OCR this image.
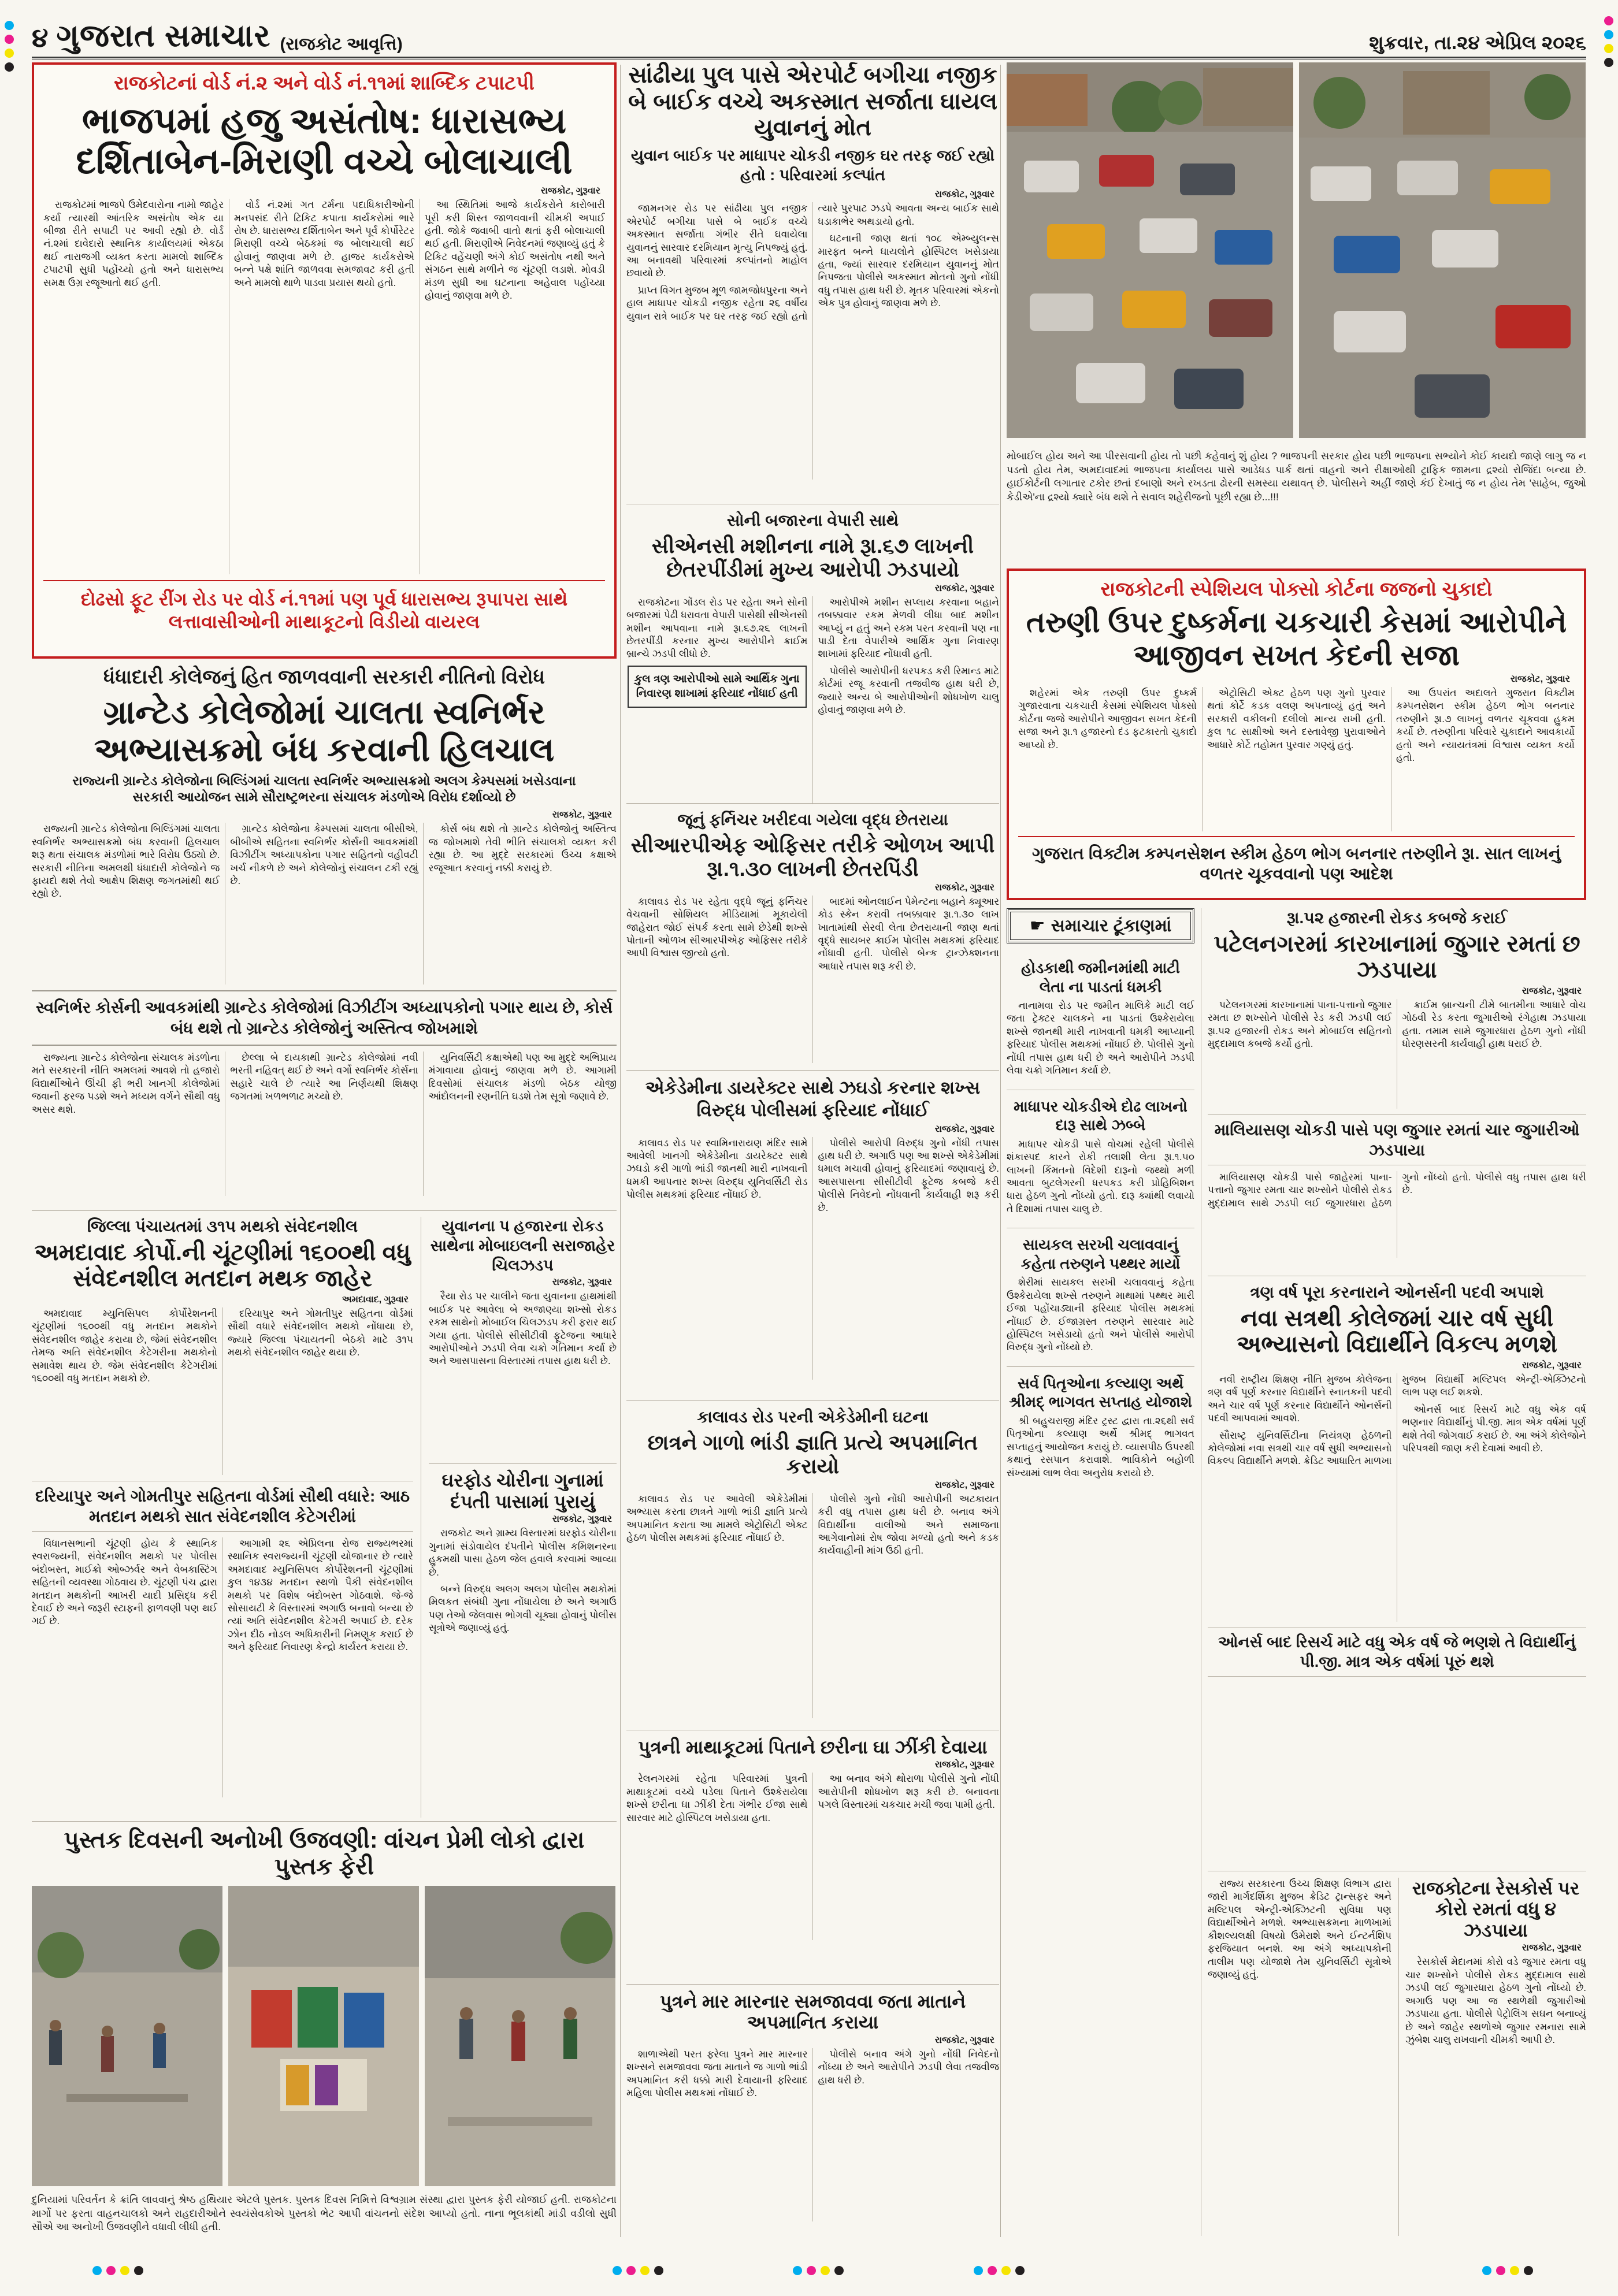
૪ ગુજરાત સમાચાર (રાજકોટ આવૃત્તિ)	શુક્રવાર, તા.૨૪ એપ્રિલ ૨૦૨૬
રાજકોટનાં વોર્ડ નં.૨ અને વોર્ડ નં.૧૧માં શાબ્દિક ટપાટપી
ભાજપમાં હજુ અસંતોષ: ધારાસભ્ય દર્શિતાબેન-મિરાણી વચ્ચે બોલાચાલી
રાજકોટ, ગુરૂવાર

રાજકોટમાં ભાજપે ઉમેદવારોના નામો જાહેર કર્યા ત્યારથી આંતરિક અસંતોષ એક યા બીજા રીતે સપાટી પર આવી રહ્યો છે. વોર્ડ નં.૨માં દાવેદારો સ્થાનિક કાર્યાલયમાં એકઠા થઈ નારાજગી વ્યક્ત કરતા મામલો શાબ્દિક ટપાટપી સુધી પહોંચ્યો હતો અને ધારાસભ્ય સમક્ષ ઉગ્ર રજૂઆતો થઈ હતી.

વોર્ડ નં.૨માં ગત ટર્મના પદાધિકારીઓની મનપસંદ રીતે ટિકિટ કપાતા કાર્યકરોમાં ભારે રોષ છે. ધારાસભ્ય દર્શિતાબેન અને પૂર્વ કોર્પોરેટર મિરાણી વચ્ચે બેઠકમાં જ બોલાચાલી થઈ હોવાનું જાણવા મળે છે. હાજર કાર્યકરોએ બન્ને પક્ષે શાંતિ જાળવવા સમજાવટ કરી હતી અને મામલો થાળે પાડવા પ્રયાસ થયો હતો.

આ સ્થિતિમાં આજે કાર્યકરોને કારોબારી પૂરી કરી શિસ્ત જાળવવાની ચીમકી અપાઈ હતી. જોકે જવાબી વાતો થતાં ફરી બોલાચાલી થઈ હતી. મિરાણીએ નિવેદનમાં જણાવ્યું હતું કે ટિકિટ વહેંચણી અંગે કોઈ અસંતોષ નથી અને સંગઠન સાથે મળીને જ ચૂંટણી લડાશે. મોવડી મંડળ સુધી આ ઘટનાના અહેવાલ પહોંચ્યા હોવાનું જાણવા મળે છે.

દોઢસો ફૂટ રીંગ રોડ પર વોર્ડ નં.૧૧માં પણ પૂર્વ ધારાસભ્ય રૂપાપરા સાથે લત્તાવાસીઓની માથાકૂટનો વિડીયો વાયરલ
ધંધાદારી કોલેજનું હિત જાળવવાની સરકારી નીતિનો વિરોધ
ગ્રાન્ટેડ કોલેજોમાં ચાલતા સ્વનિર્ભર અભ્યાસક્રમો બંધ કરવાની હિલચાલ
રાજ્યની ગ્રાન્ટેડ કોલેજોના બિલ્ડિંગમાં ચાલતા સ્વનિર્ભર અભ્યાસક્રમો અલગ કેમ્પસમાં ખસેડવાના સરકારી આયોજન સામે સૌરાષ્ટ્રભરના સંચાલક મંડળોએ વિરોધ દર્શાવ્યો છે
રાજકોટ, ગુરૂવાર

રાજ્યની ગ્રાન્ટેડ કોલેજોના બિલ્ડિંગમાં ચાલતા સ્વનિર્ભર અભ્યાસક્રમો બંધ કરવાની હિલચાલ શરૂ થતા સંચાલક મંડળોમાં ભારે વિરોધ ઉઠ્યો છે. સરકારી નીતિના અમલથી ધંધાદારી કોલેજોને જ ફાયદો થશે તેવો આક્ષેપ શિક્ષણ જગતમાંથી થઈ રહ્યો છે.

ગ્રાન્ટેડ કોલેજોના કેમ્પસમાં ચાલતા બીસીએ, બીબીએ સહિતના સ્વનિર્ભર કોર્સની આવકમાંથી વિઝીટીંગ અધ્યાપકોના પગાર સહિતનો વહીવટી ખર્ચ નીકળે છે અને કોલેજોનું સંચાલન ટકી રહ્યું છે.

કોર્સ બંધ થશે તો ગ્રાન્ટેડ કોલેજોનું અસ્તિત્વ જ જોખમાશે તેવી ભીતિ સંચાલકો વ્યક્ત કરી રહ્યા છે. આ મુદ્દે સરકારમાં ઉચ્ચ કક્ષાએ રજૂઆત કરવાનું નક્કી કરાયું છે.

સ્વનિર્ભર કોર્સની આવકમાંથી ગ્રાન્ટેડ કોલેજોમાં વિઝીટીંગ અધ્યાપકોનો પગાર થાય છે, કોર્સ બંધ થશે તો ગ્રાન્ટેડ કોલેજોનું અસ્તિત્વ જોખમાશે

રાજ્યના ગ્રાન્ટેડ કોલેજોના સંચાલક મંડળોના મતે સરકારની નીતિ અમલમાં આવશે તો હજારો વિદ્યાર્થીઓને ઊંચી ફી ભરી ખાનગી કોલેજોમાં જવાની ફરજ પડશે અને મધ્યમ વર્ગને સૌથી વધુ અસર થશે.

છેલ્લા બે દાયકાથી ગ્રાન્ટેડ કોલેજોમાં નવી ભરતી નહિવત્ થઈ છે અને વર્ગો સ્વનિર્ભર કોર્સના સહારે ચાલે છે ત્યારે આ નિર્ણયથી શિક્ષણ જગતમાં ખળભળાટ મચ્યો છે.

યુનિવર્સિટી કક્ષાએથી પણ આ મુદ્દે અભિપ્રાય મંગાવાયા હોવાનું જાણવા મળે છે. આગામી દિવસોમાં સંચાલક મંડળો બેઠક યોજી આંદોલનની રણનીતિ ઘડશે તેમ સૂત્રો જણાવે છે.

જિલ્લા પંચાયતમાં ૩૧૫ મથકો સંવેદનશીલ
અમદાવાદ કોર્પો.ની ચૂંટણીમાં ૧૬૦૦થી વધુ સંવેદનશીલ મતદાન મથક જાહેર
અમદાવાદ, ગુરૂવાર

અમદાવાદ મ્યુનિસિપલ કોર્પોરેશનની ચૂંટણીમાં ૧૬૦૦થી વધુ મતદાન મથકોને સંવેદનશીલ જાહેર કરાયા છે, જેમાં સંવેદનશીલ તેમજ અતિ સંવેદનશીલ કેટેગરીના મથકોનો સમાવેશ થાય છે. જેમ સંવેદનશીલ કેટેગરીમાં ૧૬૦૦થી વધુ મતદાન મથકો છે.

દરિયાપુર અને ગોમતીપુર સહિતના વોર્ડમાં સૌથી વધારે સંવેદનશીલ મથકો નોંધાયા છે, જ્યારે જિલ્લા પંચાયતની બેઠકો માટે ૩૧૫ મથકો સંવેદનશીલ જાહેર થયા છે.

દરિયાપુર અને ગોમતીપુર સહિતના વોર્ડમાં સૌથી વધારે: આઠ મતદાન મથકો સાત સંવેદનશીલ કેટેગરીમાં

વિધાનસભાની ચૂંટણી હોય કે સ્થાનિક સ્વરાજ્યની, સંવેદનશીલ મથકો પર પોલીસ બંદોબસ્ત, માઈક્રો ઓબ્ઝર્વર અને વેબકાસ્ટિંગ સહિતની વ્યવસ્થા ગોઠવાય છે. ચૂંટણી પંચ દ્વારા મતદાન મથકોની આખરી યાદી પ્રસિદ્ધ કરી દેવાઈ છે અને જરૂરી સ્ટાફની ફાળવણી પણ થઈ ગઈ છે.

આગામી ૨૬ એપ્રિલના રોજ રાજ્યભરમાં સ્થાનિક સ્વરાજ્યની ચૂંટણી યોજાનાર છે ત્યારે અમદાવાદ મ્યુનિસિપલ કોર્પોરેશનની ચૂંટણીમાં કુલ ૧૪૩૪ મતદાન સ્થળો પૈકી સંવેદનશીલ મથકો પર વિશેષ બંદોબસ્ત ગોઠવાશે. જે-જે સોસાયટી કે વિસ્તારમાં અગાઉ બનાવો બન્યા છે ત્યાં અતિ સંવેદનશીલ કેટેગરી અપાઈ છે. દરેક ઝોન દીઠ નોડલ અધિકારીની નિમણૂક કરાઈ છે અને ફરિયાદ નિવારણ કેન્દ્રો કાર્યરત કરાયા છે.

યુવાનના પ હજારના રોકડ સાથેના મોબાઇલની સરાજાહેર ચિલઝડપ
રાજકોટ, ગુરૂવાર

રૈયા રોડ પર ચાલીને જતા યુવાનના હાથમાંથી બાઈક પર આવેલા બે અજાણ્યા શખ્સો રોકડ રકમ સાથેનો મોબાઈલ ચિલઝડપ કરી ફરાર થઈ ગયા હતા. પોલીસે સીસીટીવી ફૂટેજના આધારે આરોપીઓને ઝડપી લેવા ચક્રો ગતિમાન કર્યા છે અને આસપાસના વિસ્તારમાં તપાસ હાથ ધરી છે.

ઘરફોડ ચોરીના ગુનામાં દંપતી પાસામાં પુરાયું
રાજકોટ, ગુરૂવાર

રાજકોટ અને ગ્રામ્ય વિસ્તારમાં ઘરફોડ ચોરીના ગુનામાં સંડોવાયેલ દંપતીને પોલીસ કમિશનરના હુકમથી પાસા હેઠળ જેલ હવાલે કરવામાં આવ્યા છે.

બન્ને વિરુદ્ધ અલગ અલગ પોલીસ મથકોમાં મિલકત સંબંધી ગુના નોંધાયેલા છે અને અગાઉ પણ તેઓ જેલવાસ ભોગવી ચૂક્યા હોવાનું પોલીસ સૂત્રોએ જણાવ્યું હતું.

પુસ્તક દિવસની અનોખી ઉજવણી: વાંચન પ્રેમી લોકો દ્વારા પુસ્તક ફેરી
દુનિયામાં પરિવર્તન કે ક્રાંતિ લાવવાનું શ્રેષ્ઠ હથિયાર એટલે પુસ્તક. પુસ્તક દિવસ નિમિત્તે વિશ્વગ્રામ સંસ્થા દ્વારા પુસ્તક ફેરી યોજાઈ હતી. રાજકોટના માર્ગો પર ફરતા વાહનચાલકો અને રાહદારીઓને સ્વયંસેવકોએ પુસ્તકો ભેટ આપી વાંચનનો સંદેશ આપ્યો હતો. નાના ભૂલકાંથી માંડી વડીલો સુધી સૌએ આ અનોખી ઉજવણીને વધાવી લીધી હતી.
સાંઢીયા પુલ પાસે એરપોર્ટ બગીચા નજીક બે બાઈક વચ્ચે અકસ્માત સર્જાતા ઘાયલ યુવાનનું મોત
યુવાન બાઈક પર માધાપર ચોકડી નજીક ઘર તરફ જઈ રહ્યો હતો : પરિવારમાં કલ્પાંત
રાજકોટ, ગુરૂવાર

જામનગર રોડ પર સાંઢીયા પુલ નજીક એરપોર્ટ બગીચા પાસે બે બાઈક વચ્ચે અકસ્માત સર્જાતા ગંભીર રીતે ઘવાયેલા યુવાનનું સારવાર દરમિયાન મૃત્યુ નિપજ્યું હતું. આ બનાવથી પરિવારમાં કલ્પાંતનો માહોલ છવાયો છે.

પ્રાપ્ત વિગત મુજબ મૂળ જામજોધપુરના અને હાલ માધાપર ચોકડી નજીક રહેતા ૨૬ વર્ષીય યુવાન રાત્રે બાઈક પર ઘર તરફ જઈ રહ્યો હતો ત્યારે પુરપાટ ઝડપે આવતા અન્ય બાઈક સાથે ધડાકાભેર અથડાયો હતો.

ઘટનાની જાણ થતાં ૧૦૮ એમ્બ્યુલન્સ મારફત બન્ને ઘાયલોને હોસ્પિટલ ખસેડાયા હતા, જ્યાં સારવાર દરમિયાન યુવાનનું મોત નિપજતા પોલીસે અકસ્માત મોતનો ગુનો નોંધી વધુ તપાસ હાથ ધરી છે. મૃતક પરિવારમાં એકનો એક પુત્ર હોવાનું જાણવા મળે છે.

સોની બજારના વેપારી સાથે
સીએનસી મશીનના નામે રૂ।.૬૭ લાખની છેતરપીંડીમાં મુખ્ય આરોપી ઝડપાયો
રાજકોટ, ગુરૂવાર

રાજકોટના ગોંડલ રોડ પર રહેતા અને સોની બજારમાં પેઢી ધરાવતા વેપારી પાસેથી સીએનસી મશીન આપવાના નામે રૂા.૬૭.૨૬ લાખની છેતરપીંડી કરનાર મુખ્ય આરોપીને ક્રાઈમ બ્રાન્ચે ઝડપી લીધો છે.

કુલ ત્રણ આરોપીઓ સામે આર્થિક ગુના નિવારણ શાખામાં ફરિયાદ નોંધાઈ હતી

આરોપીએ મશીન સપ્લાય કરવાના બહાને તબક્કાવાર રકમ મેળવી લીધા બાદ મશીન આપ્યું ન હતું અને રકમ પરત કરવાની પણ ના પાડી દેતા વેપારીએ આર્થિક ગુના નિવારણ શાખામાં ફરિયાદ નોંધાવી હતી.

પોલીસે આરોપીની ધરપકડ કરી રિમાન્ડ માટે કોર્ટમાં રજૂ કરવાની તજવીજ હાથ ધરી છે, જ્યારે અન્ય બે આરોપીઓની શોધખોળ ચાલુ હોવાનું જાણવા મળે છે.

જૂનું ફર્નિચર ખરીદવા ગયેલા વૃદ્ધ છેતરાયા
સીઆરપીએફ ઓફિસર તરીકે ઓળખ આપી રૂ।.૧.૩૦ લાખની છેતરપિંડી
રાજકોટ, ગુરૂવાર

કાલાવડ રોડ પર રહેતા વૃદ્ધે જૂનું ફર્નિચર વેચવાની સોશિયલ મીડિયામાં મૂકાયેલી જાહેરાત જોઈ સંપર્ક કરતા સામે છેડેથી શખ્સે પોતાની ઓળખ સીઆરપીએફ ઓફિસર તરીકે આપી વિશ્વાસ જીત્યો હતો.

બાદમાં ઓનલાઈન પેમેન્ટના બહાને ક્યૂઆર કોડ સ્કેન કરાવી તબક્કાવાર રૂા.૧.૩૦ લાખ ખાતામાંથી સેરવી લેતા છેતરાયાની જાણ થતાં વૃદ્ધે સાયબર ક્રાઈમ પોલીસ મથકમાં ફરિયાદ નોંધાવી હતી. પોલીસે બેન્ક ટ્રાન્ઝેક્શનના આધારે તપાસ શરૂ કરી છે.

એકેડેમીના ડાયરેક્ટર સાથે ઝઘડો કરનાર શખ્સ વિરુદ્ધ પોલીસમાં ફરિયાદ નોંધાઈ
રાજકોટ, ગુરૂવાર

કાલાવડ રોડ પર સ્વામિનારાયણ મંદિર સામે આવેલી ખાનગી એકેડેમીના ડાયરેક્ટર સાથે ઝઘડો કરી ગાળો ભાંડી જાનથી મારી નાખવાની ધમકી આપનાર શખ્સ વિરુદ્ધ યુનિવર્સિટી રોડ પોલીસ મથકમાં ફરિયાદ નોંધાઈ છે.

પોલીસે આરોપી વિરુદ્ધ ગુનો નોંધી તપાસ હાથ ધરી છે. અગાઉ પણ આ શખ્સે એકેડેમીમાં ધમાલ મચાવી હોવાનું ફરિયાદમાં જણાવાયું છે. આસપાસના સીસીટીવી ફૂટેજ કબજે કરી પોલીસે નિવેદનો નોંધવાની કાર્યવાહી શરૂ કરી છે.

કાલાવડ રોડ પરની એકેડેમીની ઘટના
છાત્રને ગાળો ભાંડી જ્ઞાતિ પ્રત્યે અપમાનિત કરાયો
રાજકોટ, ગુરૂવાર

કાલાવડ રોડ પર આવેલી એકેડેમીમાં અભ્યાસ કરતા છાત્રને ગાળો ભાંડી જ્ઞાતિ પ્રત્યે અપમાનિત કરાતા આ મામલે એટ્રોસિટી એક્ટ હેઠળ પોલીસ મથકમાં ફરિયાદ નોંધાઈ છે.

પોલીસે ગુનો નોંધી આરોપીની અટકાયત કરી વધુ તપાસ હાથ ધરી છે. બનાવ અંગે વિદ્યાર્થીના વાલીઓ અને સમાજના આગેવાનોમાં રોષ જોવા મળ્યો હતો અને કડક કાર્યવાહીની માંગ ઉઠી હતી.

પુત્રની માથાકૂટમાં પિતાને છરીના ઘા ઝીંકી દેવાયા
રાજકોટ, ગુરૂવાર

રેલનગરમાં રહેતા પરિવારમાં પુત્રની માથાકૂટમાં વચ્ચે પડેલા પિતાને ઉશ્કેરાયેલા શખ્સે છરીના ઘા ઝીંકી દેતા ગંભીર ઈજા સાથે સારવાર માટે હોસ્પિટલ ખસેડાયા હતા.

આ બનાવ અંગે થોરાળા પોલીસે ગુનો નોંધી આરોપીની શોધખોળ શરૂ કરી છે. બનાવના પગલે વિસ્તારમાં ચકચાર મચી જવા પામી હતી.

પુત્રને માર મારનાર સમજાવવા જતા માતાને અપમાનિત કરાયા
રાજકોટ, ગુરૂવાર

શાળાએથી પરત ફરેલા પુત્રને માર મારનાર શખ્સને સમજાવવા જતા માતાને જ ગાળો ભાંડી અપમાનિત કરી ધક્કો મારી દેવાયાની ફરિયાદ મહિલા પોલીસ મથકમાં નોંધાઈ છે.

પોલીસે બનાવ અંગે ગુનો નોંધી નિવેદનો નોંધ્યા છે અને આરોપીને ઝડપી લેવા તજવીજ હાથ ધરી છે.

મોબાઈલ હોય અને આ પીરસવાની હોય તો પછી કહેવાનું શું હોય ? ભાજપની સરકાર હોય પછી ભાજપના સભ્યોને કોઈ કાયદો જાણે લાગુ જ ન પડતો હોય તેમ, અમદાવાદમાં ભાજપના કાર્યાલય પાસે આડેધડ પાર્ક થતાં વાહનો અને રીક્ષાઓથી ટ્રાફિક જામના દ્રશ્યો રોજિંદા બન્યા છે. હાઈકોર્ટની લગાતાર ટકોર છતાં દબાણો અને રખડતા ઢોરની સમસ્યા યથાવત્ છે. પોલીસને અહીં જાણે કંઈ દેખાતું જ ન હોય તેમ 'સાહેબ, જુઓ કેડીએ'ના દ્રશ્યો ક્યારે બંધ થશે તે સવાલ શહેરીજનો પૂછી રહ્યા છે...!!!
રાજકોટની સ્પેશિયલ પોક્સો કોર્ટના જજનો ચુકાદો
તરુણી ઉપર દુષ્કર્મના ચકચારી કેસમાં આરોપીને આજીવન સખત કેદની સજા
રાજકોટ, ગુરૂવાર

શહેરમાં એક તરુણી ઉપર દુષ્કર્મ ગુજારવાના ચકચારી કેસમાં સ્પેશિયલ પોક્સો કોર્ટના જજે આરોપીને આજીવન સખત કેદની સજા અને રૂા.૧ હજારનો દંડ ફટકારતો ચુકાદો આપ્યો છે.

એટ્રોસિટી એક્ટ હેઠળ પણ ગુનો પુરવાર થતાં કોર્ટે કડક વલણ અપનાવ્યું હતું અને સરકારી વકીલની દલીલો માન્ય રાખી હતી. કુલ ૧૮ સાક્ષીઓ અને દસ્તાવેજી પુરાવાઓને આધારે કોર્ટે તહોમત પુરવાર ગણ્યું હતું.

આ ઉપરાંત અદાલતે ગુજરાત વિક્ટીમ કમ્પનસેશન સ્કીમ હેઠળ ભોગ બનનાર તરુણીને રૂ।.૭ લાખનું વળતર ચૂકવવા હુકમ કર્યો છે. તરુણીના પરિવારે ચુકાદાને આવકાર્યો હતો અને ન્યાયતંત્રમાં વિશ્વાસ વ્યક્ત કર્યો હતો.

ગુજરાત વિક્ટીમ કમ્પનસેશન સ્કીમ હેઠળ ભોગ બનનાર તરુણીને રૂ।. સાત લાખનું વળતર ચૂકવવાનો પણ આદેશ
☛ સમાચાર ટૂંકાણમાં
હોડકાથી જમીનમાંથી માટી લેતા ના પાડતાં ધમકી

નાનામવા રોડ પર જમીન માલિકે માટી લઈ જતા ટ્રેક્ટર ચાલકને ના પાડતાં ઉશ્કેરાયેલા શખ્સે જાનથી મારી નાખવાની ધમકી આપ્યાની ફરિયાદ પોલીસ મથકમાં નોંધાઈ છે. પોલીસે ગુનો નોંધી તપાસ હાથ ધરી છે અને આરોપીને ઝડપી લેવા ચક્રો ગતિમાન કર્યા છે.

માધાપર ચોકડીએ દોઢ લાખનો દારૂ સાથે ઝબ્બે

માધાપર ચોકડી પાસે વોચમાં રહેલી પોલીસે શંકાસ્પદ કારને રોકી તલાશી લેતા રૂા.૧.૫૦ લાખની કિંમતનો વિદેશી દારૂનો જથ્થો મળી આવતા બુટલેગરની ધરપકડ કરી પ્રોહિબિશન ધારા હેઠળ ગુનો નોંધ્યો હતો. દારૂ ક્યાંથી લવાયો તે દિશામાં તપાસ ચાલુ છે.

સાયકલ સરખી ચલાવવાનું કહેતા તરુણને પથ્થર માર્યો

શેરીમાં સાયકલ સરખી ચલાવવાનું કહેતા ઉશ્કેરાયેલા શખ્સે તરુણને માથામાં પથ્થર મારી ઈજા પહોંચાડ્યાની ફરિયાદ પોલીસ મથકમાં નોંધાઈ છે. ઈજાગ્રસ્ત તરુણને સારવાર માટે હોસ્પિટલ ખસેડાયો હતો અને પોલીસે આરોપી વિરુદ્ધ ગુનો નોંધ્યો છે.

સર્વ પિતૃઓના કલ્યાણ અર્થે શ્રીમદ્ ભાગવત સપ્તાહ યોજાશે

શ્રી બહુચરાજી મંદિર ટ્રસ્ટ દ્વારા તા.૨૬થી સર્વ પિતૃઓના કલ્યાણ અર્થે શ્રીમદ્ ભાગવત સપ્તાહનું આયોજન કરાયું છે. વ્યાસપીઠ ઉપરથી કથાનું રસપાન કરાવાશે. ભાવિકોને બહોળી સંખ્યામાં લાભ લેવા અનુરોધ કરાયો છે.

રૂા.૫૨ હજારની રોકડ કબજે કરાઈ
પટેલનગરમાં કારખાનામાં જુગાર રમતાં છ ઝડપાયા
રાજકોટ, ગુરૂવાર

પટેલનગરમાં કારખાનામાં પાના-પત્તાનો જુગાર રમતા છ શખ્સોને પોલીસે રેડ કરી ઝડપી લઈ રૂા.૫૨ હજારની રોકડ અને મોબાઈલ સહિતનો મુદ્દામાલ કબજે કર્યો હતો.

ક્રાઈમ બ્રાન્ચની ટીમે બાતમીના આધારે વોચ ગોઠવી રેડ કરતા જુગારીઓ રંગેહાથ ઝડપાયા હતા. તમામ સામે જુગારધારા હેઠળ ગુનો નોંધી ધોરણસરની કાર્યવાહી હાથ ધરાઈ છે.

માલિયાસણ ચોકડી પાસે પણ જુગાર રમતાં ચાર જુગારીઓ ઝડપાયા

માલિયાસણ ચોકડી પાસે જાહેરમાં પાના-પત્તાનો જુગાર રમતા ચાર શખ્સોને પોલીસે રોકડ મુદ્દામાલ સાથે ઝડપી લઈ જુગારધારા હેઠળ ગુનો નોંધ્યો હતો. પોલીસે વધુ તપાસ હાથ ધરી છે.

ત્રણ વર્ષ પૂરા કરનારાને ઓનર્સની પદવી અપાશે
નવા સત્રથી કોલેજમાં ચાર વર્ષ સુધી અભ્યાસનો વિદ્યાર્થીને વિકલ્પ મળશે
રાજકોટ, ગુરૂવાર

નવી રાષ્ટ્રીય શિક્ષણ નીતિ મુજબ કોલેજના ત્રણ વર્ષ પૂર્ણ કરનાર વિદ્યાર્થીને સ્નાતકની પદવી અને ચાર વર્ષ પૂર્ણ કરનાર વિદ્યાર્થીને ઓનર્સની પદવી આપવામાં આવશે.

સૌરાષ્ટ્ર યુનિવર્સિટીના નિયંત્રણ હેઠળની કોલેજોમાં નવા સત્રથી ચાર વર્ષ સુધી અભ્યાસનો વિકલ્પ વિદ્યાર્થીને મળશે. ક્રેડિટ આધારિત માળખા મુજબ વિદ્યાર્થી મલ્ટિપલ એન્ટ્રી-એક્ઝિટનો લાભ પણ લઈ શકશે.

ઓનર્સ બાદ રિસર્ચ માટે વધુ એક વર્ષ ભણનાર વિદ્યાર્થીનું પી.જી. માત્ર એક વર્ષમાં પૂર્ણ થશે તેવી જોગવાઈ કરાઈ છે. આ અંગે કોલેજોને પરિપત્રથી જાણ કરી દેવામાં આવી છે.

ઓનર્સ બાદ રિસર્ચ માટે વધુ એક વર્ષ જે ભણશે તે વિદ્યાર્થીનું પી.જી. માત્ર એક વર્ષમાં પૂરું થશે

રાજ્ય સરકારના ઉચ્ચ શિક્ષણ વિભાગ દ્વારા જારી માર્ગદર્શિકા મુજબ ક્રેડિટ ટ્રાન્સફર અને મલ્ટિપલ એન્ટ્રી-એક્ઝિટની સુવિધા પણ વિદ્યાર્થીઓને મળશે. અભ્યાસક્રમના માળખામાં કૌશલ્યલક્ષી વિષયો ઉમેરાશે અને ઈન્ટર્નશિપ ફરજિયાત બનશે. આ અંગે અધ્યાપકોની તાલીમ પણ યોજાશે તેમ યુનિવર્સિટી સૂત્રોએ જણાવ્યું હતું.

રાજકોટના રેસકોર્સ પર કોરો રમતાં વધુ ૪ ઝડપાયા
રાજકોટ, ગુરૂવાર

રેસકોર્સ મેદાનમાં કોરો વડે જુગાર રમતા વધુ ચાર શખ્સોને પોલીસે રોકડ મુદ્દામાલ સાથે ઝડપી લઈ જુગારધારા હેઠળ ગુનો નોંધ્યો છે. અગાઉ પણ આ જ સ્થળેથી જુગારીઓ ઝડપાયા હતા. પોલીસે પેટ્રોલિંગ સઘન બનાવ્યું છે અને જાહેર સ્થળોએ જુગાર રમનારા સામે ઝુંબેશ ચાલુ રાખવાની ચીમકી આપી છે.
